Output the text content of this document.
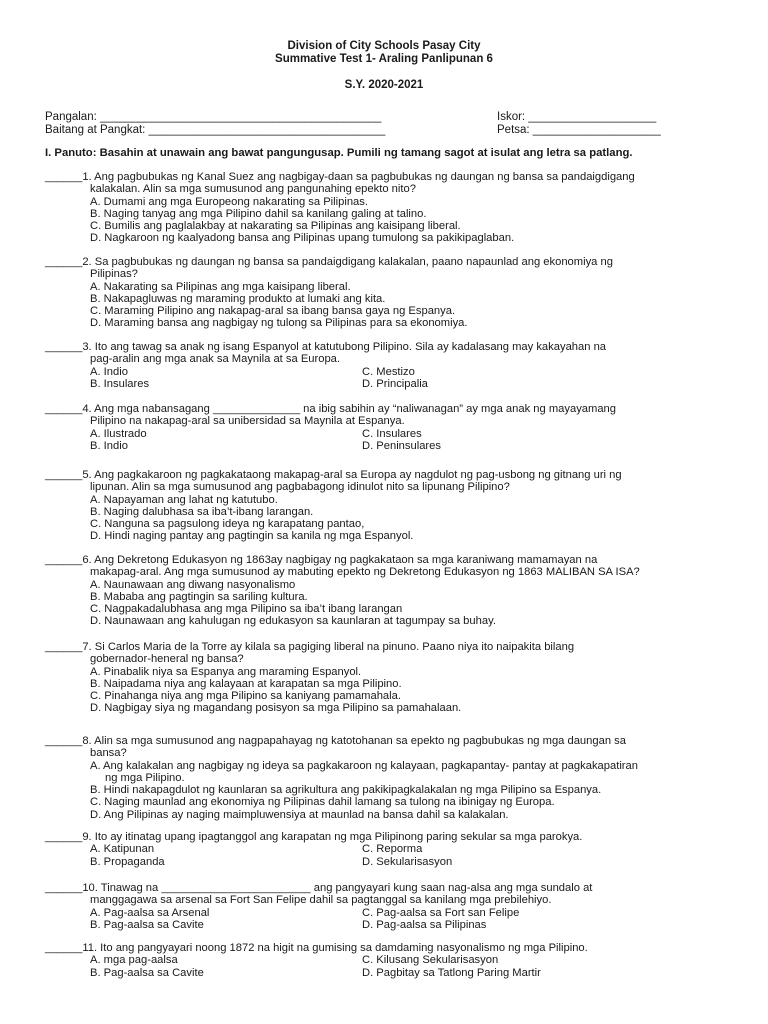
Division of City Schools Pasay City
Summative Test 1- Araling Panlipunan 6
S.Y. 2020-2021
Pangalan: ____________________________________________
Baitang at Pangkat: _____________________________________
Iskor: ____________________
Petsa: ____________________
I. Panuto: Basahin at unawain ang bawat pangungusap. Pumili ng tamang sagot at isulat ang letra sa patlang.

______1. Ang pagbubukas ng Kanal Suez ang nagbigay-daan sa pagbubukas ng daungan ng bansa sa pandaigdigang

kalakalan. Alin sa mga sumusunod ang pangunahing epekto nito?

A. Dumami ang mga Europeong nakarating sa Pilipinas.

B. Naging tanyag ang mga Pilipino dahil sa kanilang galing at talino.

C. Bumilis ang paglalakbay at nakarating sa Pilipinas ang kaisipang liberal.

D. Nagkaroon ng kaalyadong bansa ang Pilipinas upang tumulong sa pakikipaglaban.

______2. Sa pagbubukas ng daungan ng bansa sa pandaigdigang kalakalan, paano napaunlad ang ekonomiya ng

Pilipinas?

A. Nakarating sa Pilipinas ang mga kaisipang liberal.

B. Nakapagluwas ng maraming produkto at lumaki ang kita.

C. Maraming Pilipino ang nakapag-aral sa ibang bansa gaya ng Espanya.

D. Maraming bansa ang nagbigay ng tulong sa Pilipinas para sa ekonomiya.

______3. Ito ang tawag sa anak ng isang Espanyol at katutubong Pilipino. Sila ay kadalasang may kakayahan na

pag-aralin ang mga anak sa Maynila at sa Europa.

A. Indio	C. Mestizo
B. Insulares	D. Principalia

______4. Ang mga nabansagang ______________ na ibig sabihin ay “naliwanagan” ay mga anak ng mayayamang

Pilipino na nakapag-aral sa unibersidad sa Maynila at Espanya.

A. Ilustrado	C. Insulares
B. Indio	D. Peninsulares

______5. Ang pagkakaroon ng pagkakataong makapag-aral sa Europa ay nagdulot ng pag-usbong ng gitnang uri ng

lipunan. Alin sa mga sumusunod ang pagbabagong idinulot nito sa lipunang Pilipino?

A. Napayaman ang lahat ng katutubo.

B. Naging dalubhasa sa iba’t-ibang larangan.

C. Nanguna sa pagsulong ideya ng karapatang pantao,

D. Hindi naging pantay ang pagtingin sa kanila ng mga Espanyol.

______6. Ang Dekretong Edukasyon ng 1863ay nagbigay ng pagkakataon sa mga karaniwang mamamayan na

makapag-aral. Ang mga sumusunod ay mabuting epekto ng Dekretong Edukasyon ng 1863 MALIBAN SA ISA?

A. Naunawaan ang diwang nasyonalismo

B. Mababa ang pagtingin sa sariling kultura.

C. Nagpakadalubhasa ang mga Pilipino sa iba’t ibang larangan

D. Naunawaan ang kahulugan ng edukasyon sa kaunlaran at tagumpay sa buhay.

______7. Si Carlos Maria de la Torre ay kilala sa pagiging liberal na pinuno. Paano niya ito naipakita bilang

gobernador-heneral ng bansa?

A. Pinabalik niya sa Espanya ang maraming Espanyol.

B. Naipadama niya ang kalayaan at karapatan sa mga Pilipino.

C. Pinahanga niya ang mga Pilipino sa kaniyang pamamahala.

D. Nagbigay siya ng magandang posisyon sa mga Pilipino sa pamahalaan.

______8. Alin sa mga sumusunod ang nagpapahayag ng katotohanan sa epekto ng pagbubukas ng mga daungan sa

bansa?

A. Ang kalakalan ang nagbigay ng ideya sa pagkakaroon ng kalayaan, pagkapantay- pantay at pagkakapatiran

ng mga Pilipino.

B. Hindi nakapagdulot ng kaunlaran sa agrikultura ang pakikipagkalakalan ng mga Pilipino sa Espanya.

C. Naging maunlad ang ekonomiya ng Pilipinas dahil lamang sa tulong na ibinigay ng Europa.

D. Ang Pilipinas ay naging maimpluwensiya at maunlad na bansa dahil sa kalakalan.

______9. Ito ay itinatag upang ipagtanggol ang karapatan ng mga Pilipinong paring sekular sa mga parokya.

A. Katipunan	C. Reporma
B. Propaganda	D. Sekularisasyon

______10. Tinawag na ________________________ ang pangyayari kung saan nag-alsa ang mga sundalo at

manggagawa sa arsenal sa Fort San Felipe dahil sa pagtanggal sa kanilang mga prebilehiyo.

A. Pag-aalsa sa Arsenal	C. Pag-aalsa sa Fort san Felipe
B. Pag-aalsa sa Cavite	D. Pag-aalsa sa Pilipinas

______11. Ito ang pangyayari noong 1872 na higit na gumising sa damdaming nasyonalismo ng mga Pilipino.

A. mga pag-aalsa	C. Kilusang Sekularisasyon
B. Pag-aalsa sa Cavite	D. Pagbitay sa Tatlong Paring Martir
